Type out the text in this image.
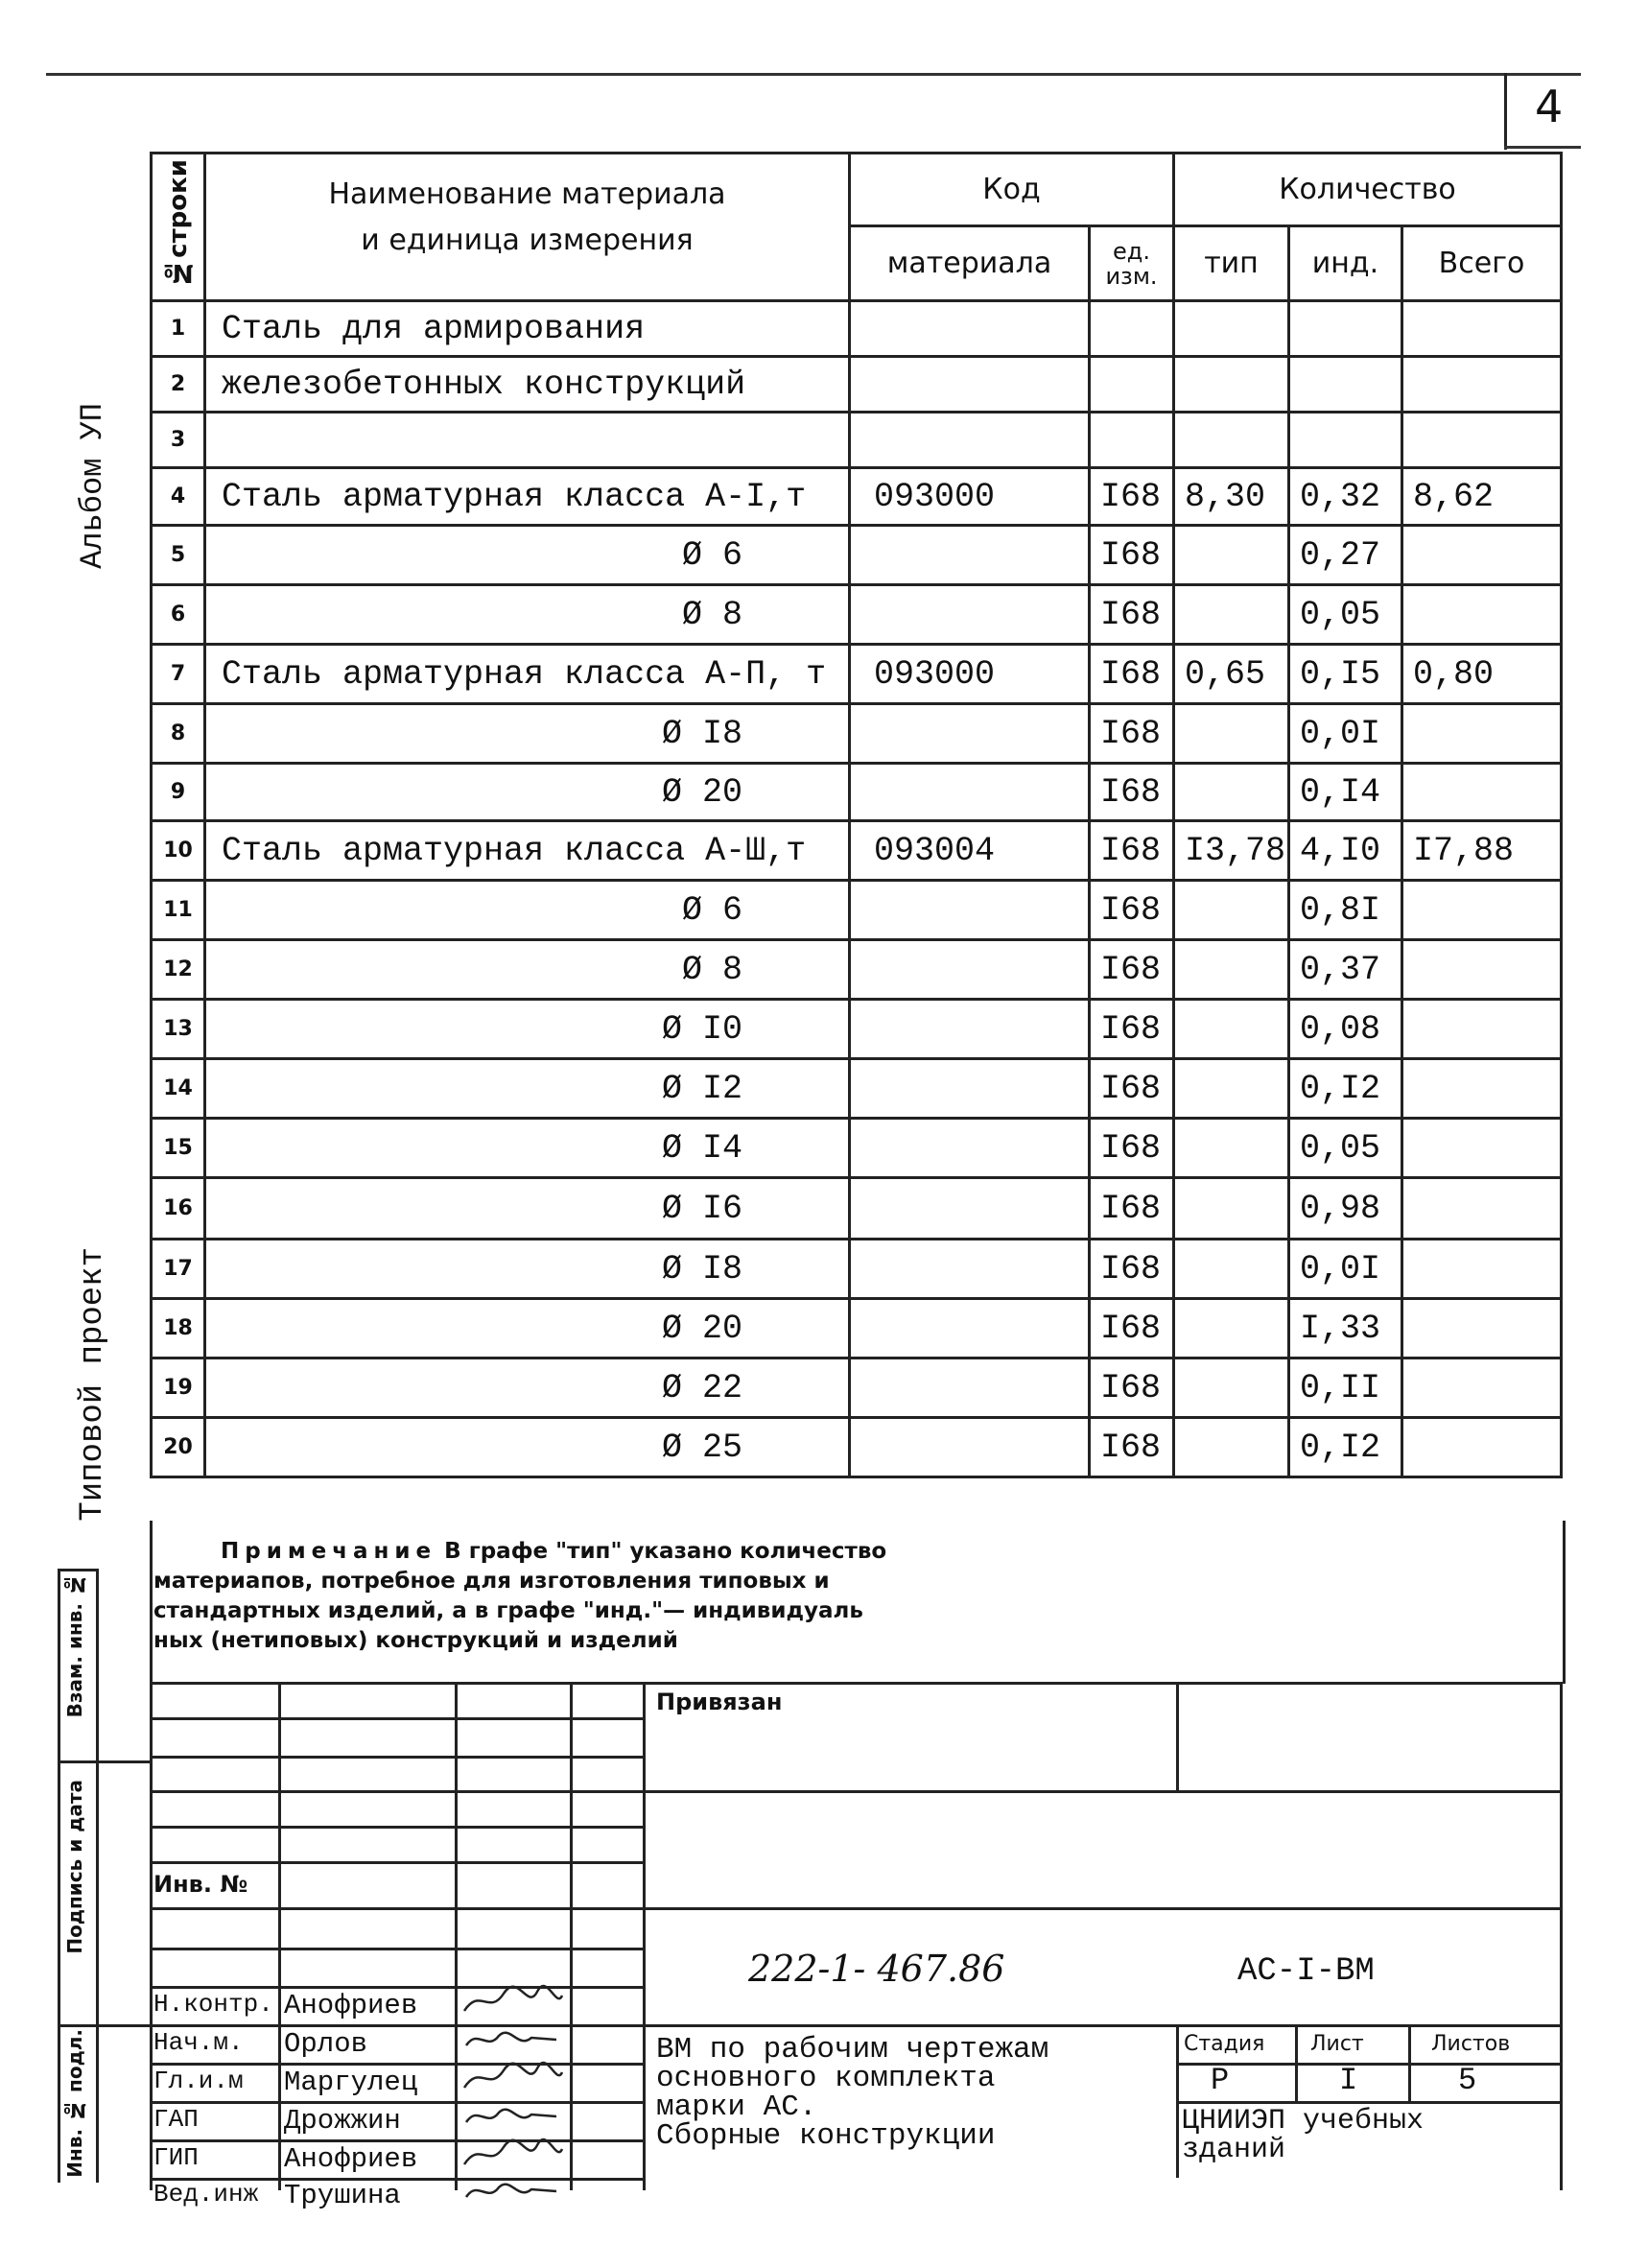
4
Альбом УП
Типовой проект
Взам. инв. №
Подпись и дата
Инв. № подл.
№строки	Наименование материала
и единица измерения	Код		Количество		
		материала	ед. изм.	тип	инд.	Всего
1	Сталь для армирования					
2	железобетонных конструкций					
3						
4	Сталь арматурная класса А-I,т	093000	I68	8,30	0,32	8,62
5	Ø 6		I68		0,27	
6	Ø 8		I68		0,05	
7	Сталь арматурная класса А-П, т	093000	I68	0,65	0,I5	0,80
8	Ø I8		I68		0,0I	
9	Ø 20		I68		0,I4	
10	Сталь арматурная класса А-Ш,т	093004	I68	I3,78	4,I0	I7,88
11	Ø 6		I68		0,8I	
12	Ø 8		I68		0,37	
13	Ø I0		I68		0,08	
14	Ø I2		I68		0,I2	
15	Ø I4		I68		0,05	
16	Ø I6		I68		0,98	
17	Ø I8		I68		0,0I	
18	Ø 20		I68		I,33	
19	Ø 22		I68		0,II	
20	Ø 25		I68		0,I2	
Примечание В графе "тип" указано количество
материапов, потребное для изготовления типовых и
стандартных изделий, а в графе "инд."— индивидуаль
ных (нетиповых) конструкций и изделий
Привязан
Инв. №
222-1- 467.86	АС-I-ВМ
Н.контр. Анофриев
Нач.м. Орлов
Гл.и.м Маргулец
ГАП	Дрожжин
ГИП	Анофриев
Вед.инж Трушина
ВМ по рабочим чертежам
основного комплекта
марки АС.
Сборные конструкции
Стадия Лист	Листов
Р	I	5
ЦНИИЭП учебных
зданий
